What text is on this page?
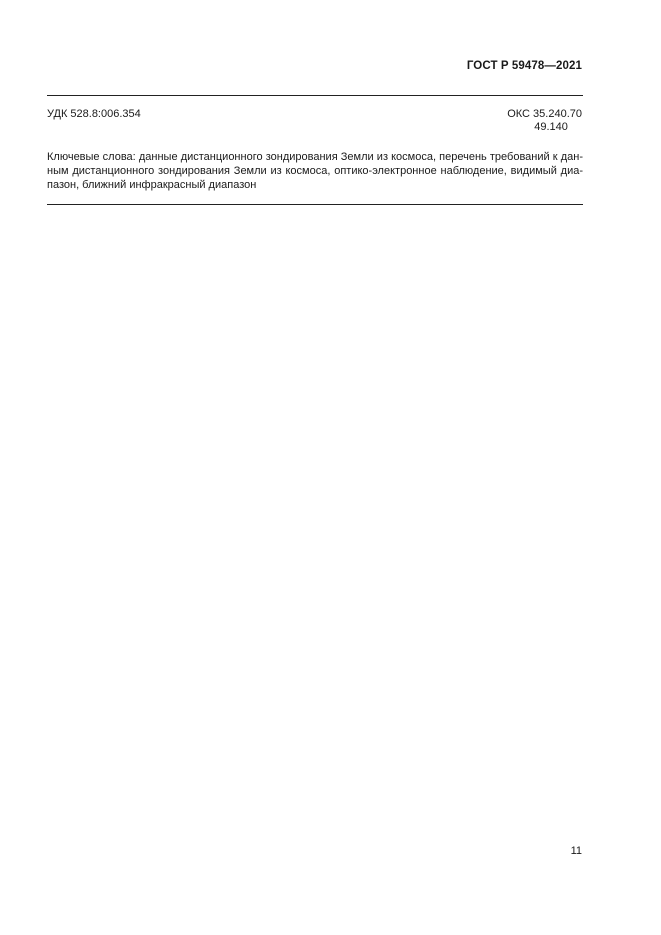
ГОСТ Р 59478—2021
УДК 528.8:006.354	ОКС 35.240.70
49.140
Ключевые слова: данные дистанционного зондирования Земли из космоса, перечень требований к дан-
ным дистанционного зондирования Земли из космоса, оптико-электронное наблюдение, видимый диа-
пазон, ближний инфракрасный диапазон
11
